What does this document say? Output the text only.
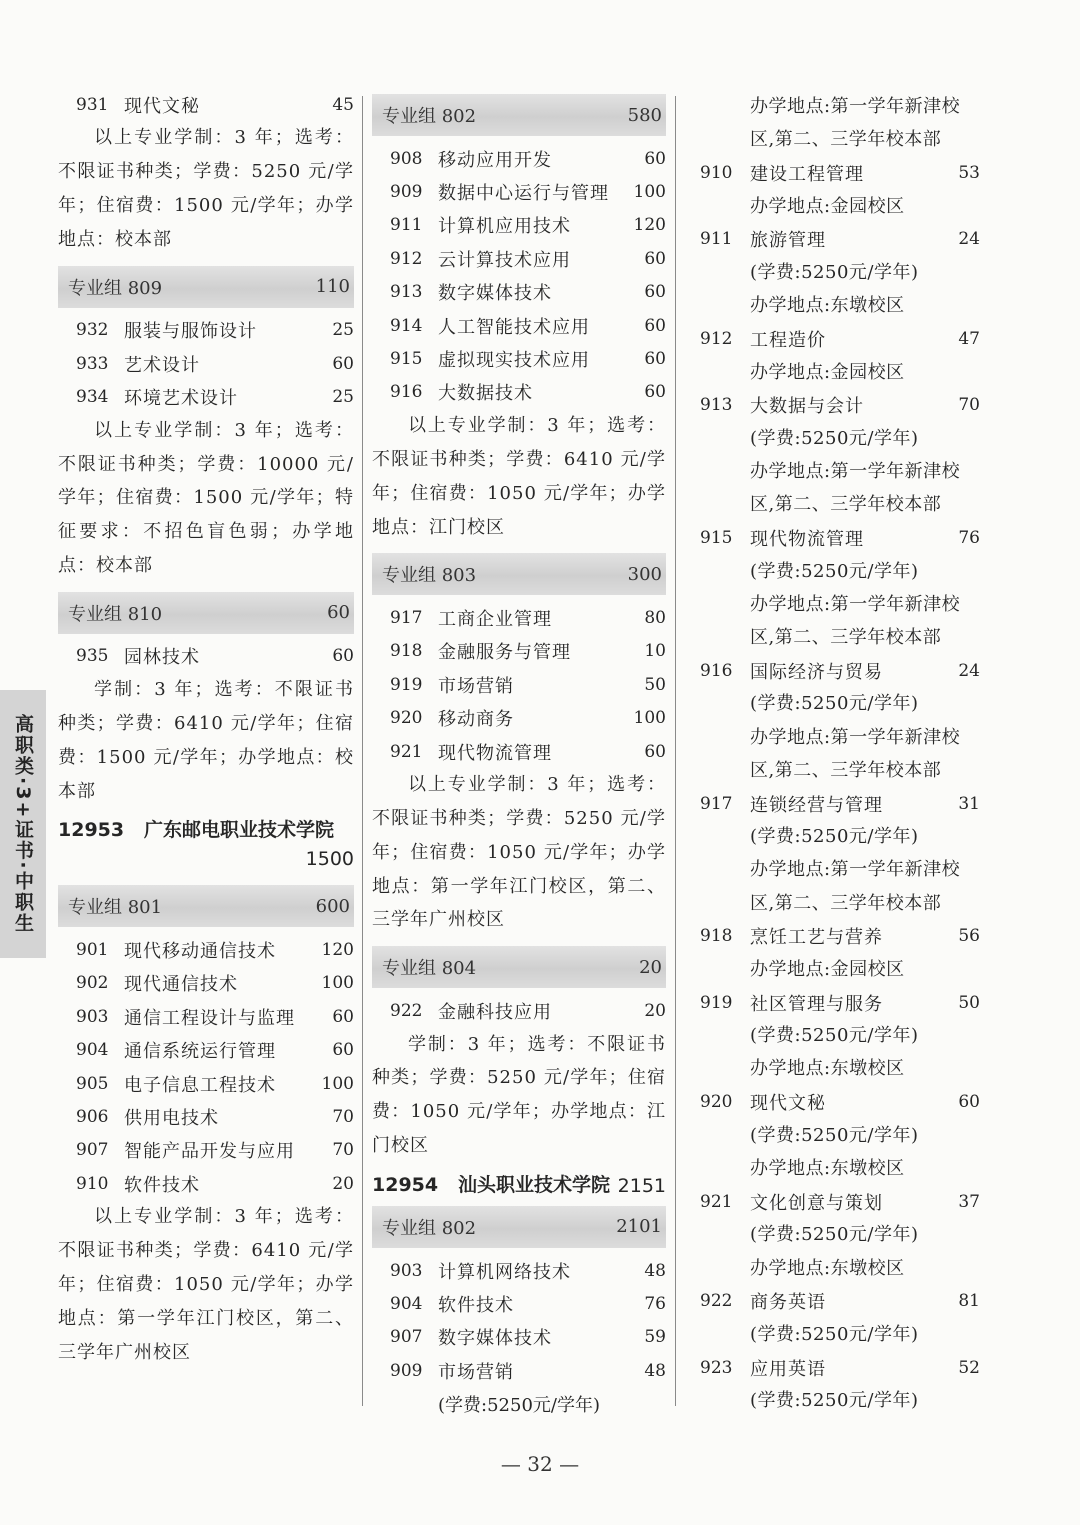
高职类·3+证书·中职生
931 现代文秘	45
以上专业学制：3 年；选考：不限证书种类；学费：5250 元/学年；住宿费：1500 元/学年；办学地点：校本部
专业组 809	110
932 服装与服饰设计	25
933 艺术设计	60
934 环境艺术设计	25
以上专业学制：3 年；选考：不限证书种类；学费：10000 元/学年；住宿费：1500 元/学年；特征要求：不招色盲色弱；办学地点：校本部
专业组 810	60
935 园林技术	60
学制：3 年；选考：不限证书种类；学费：6410 元/学年；住宿费：1500 元/学年；办学地点：校本部
12953 广东邮电职业技术学院
1500
专业组 801	600
901 现代移动通信技术	120
902 现代通信技术	100
903 通信工程设计与监理	60
904 通信系统运行管理	60
905 电子信息工程技术	100
906 供用电技术	70
907 智能产品开发与应用	70
910 软件技术	20
以上专业学制：3 年；选考：不限证书种类；学费：6410 元/学年；住宿费：1050 元/学年；办学地点：第一学年江门校区，第二、三学年广州校区
专业组 802	580
908 移动应用开发	60
909 数据中心运行与管理	100
911 计算机应用技术	120
912 云计算技术应用	60
913 数字媒体技术	60
914 人工智能技术应用	60
915 虚拟现实技术应用	60
916 大数据技术	60
以上专业学制：3 年；选考：不限证书种类；学费：6410 元/学年；住宿费：1050 元/学年；办学地点：江门校区
专业组 803	300
917 工商企业管理	80
918 金融服务与管理	10
919 市场营销	50
920 移动商务	100
921 现代物流管理	60
以上专业学制：3 年；选考：不限证书种类；学费：5250 元/学年；住宿费：1050 元/学年；办学地点：第一学年江门校区，第二、三学年广州校区
专业组 804	20
922 金融科技应用	20
学制：3 年；选考：不限证书种类；学费：5250 元/学年；住宿费：1050 元/学年；办学地点：江门校区
12954 汕头职业技术学院 2151
专业组 802	2101
903 计算机网络技术	48
904 软件技术	76
907 数字媒体技术	59
909 市场营销	48
(学费:5250元/学年)
办学地点:第一学年新津校
区,第二、三学年校本部
910 建设工程管理	53
办学地点:金园校区
911 旅游管理	24
(学费:5250元/学年)
办学地点:东墩校区
912 工程造价	47
办学地点:金园校区
913 大数据与会计	70
(学费:5250元/学年)
办学地点:第一学年新津校
区,第二、三学年校本部
915 现代物流管理	76
(学费:5250元/学年)
办学地点:第一学年新津校
区,第二、三学年校本部
916 国际经济与贸易	24
(学费:5250元/学年)
办学地点:第一学年新津校
区,第二、三学年校本部
917 连锁经营与管理	31
(学费:5250元/学年)
办学地点:第一学年新津校
区,第二、三学年校本部
918 烹饪工艺与营养	56
办学地点:金园校区
919 社区管理与服务	50
(学费:5250元/学年)
办学地点:东墩校区
920 现代文秘	60
(学费:5250元/学年)
办学地点:东墩校区
921 文化创意与策划	37
(学费:5250元/学年)
办学地点:东墩校区
922 商务英语	81
(学费:5250元/学年)
923 应用英语	52
(学费:5250元/学年)
— 32 —
